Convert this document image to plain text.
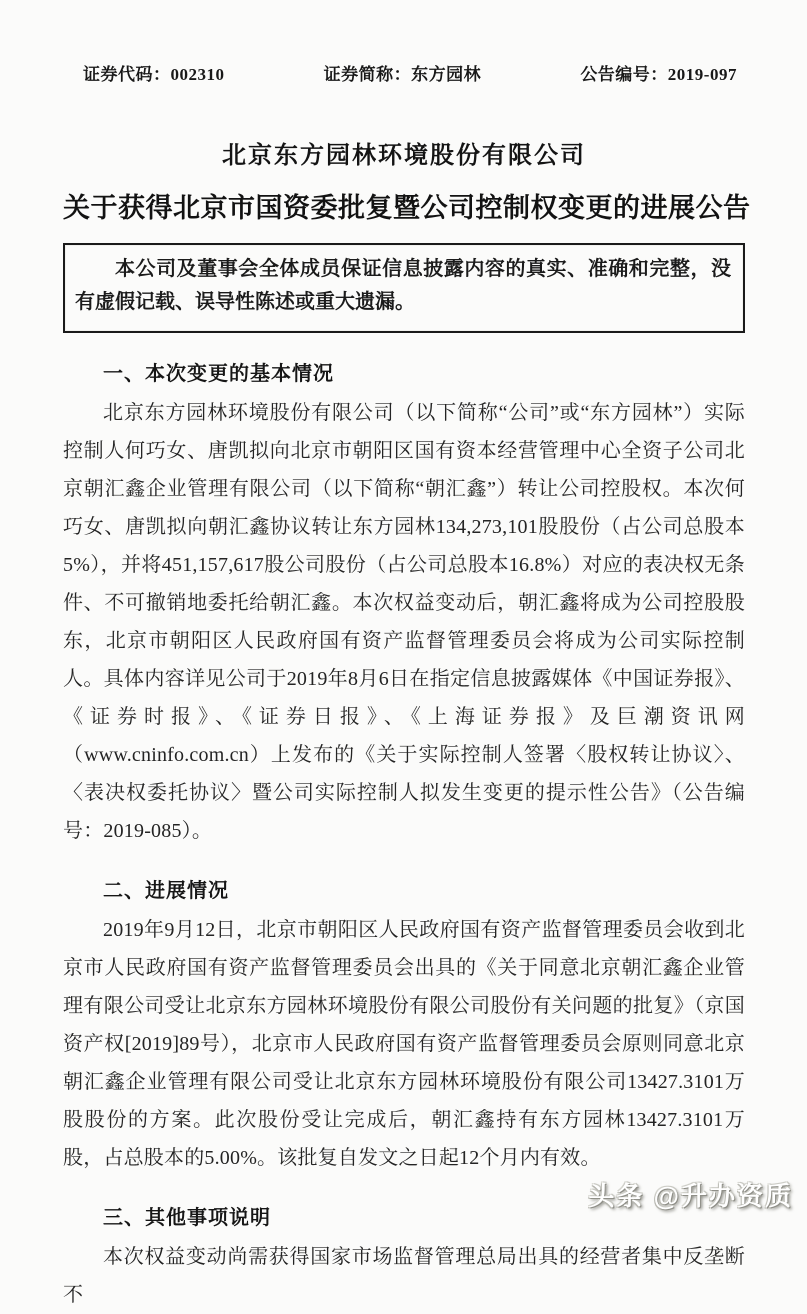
证券代码：002310	证券简称：东方园林	公告编号：2019-097
北京东方园林环境股份有限公司
关于获得北京市国资委批复暨公司控制权变更的进展公告
本公司及董事会全体成员保证信息披露内容的真实、准确和完整，没有虚假记载、误导性陈述或重大遗漏。
一、本次变更的基本情况

北京东方园林环境股份有限公司（以下简称“公司”或“东方园林”）实际控制人何巧女、唐凯拟向北京市朝阳区国有资本经营管理中心全资子公司北京朝汇鑫企业管理有限公司（以下简称“朝汇鑫”）转让公司控股权。本次何巧女、唐凯拟向朝汇鑫协议转让东方园林134,273,101股股份（占公司总股本5%），并将451,157,617股公司股份（占公司总股本16.8%）对应的表决权无条件、不可撤销地委托给朝汇鑫。本次权益变动后，朝汇鑫将成为公司控股股东，北京市朝阳区人民政府国有资产监督管理委员会将成为公司实际控制人。具体内容详见公司于2019年8月6日在指定信息披露媒体《中国证券报》、《证券时报》、《证券日报》、《上海证券报》及巨潮资讯网（www.cninfo.com.cn）上发布的《关于实际控制人签署〈股权转让协议〉、〈表决权委托协议〉暨公司实际控制人拟发生变更的提示性公告》（公告编号：2019-085）。

二、进展情况

2019年9月12日，北京市朝阳区人民政府国有资产监督管理委员会收到北京市人民政府国有资产监督管理委员会出具的《关于同意北京朝汇鑫企业管理有限公司受让北京东方园林环境股份有限公司股份有关问题的批复》（京国资产权[2019]89号），北京市人民政府国有资产监督管理委员会原则同意北京朝汇鑫企业管理有限公司受让北京东方园林环境股份有限公司13427.3101万股股份的方案。此次股份受让完成后，朝汇鑫持有东方园林13427.3101万股，占总股本的5.00%。该批复自发文之日起12个月内有效。

三、其他事项说明

本次权益变动尚需获得国家市场监督管理总局出具的经营者集中反垄断不

头条 @升办资质
